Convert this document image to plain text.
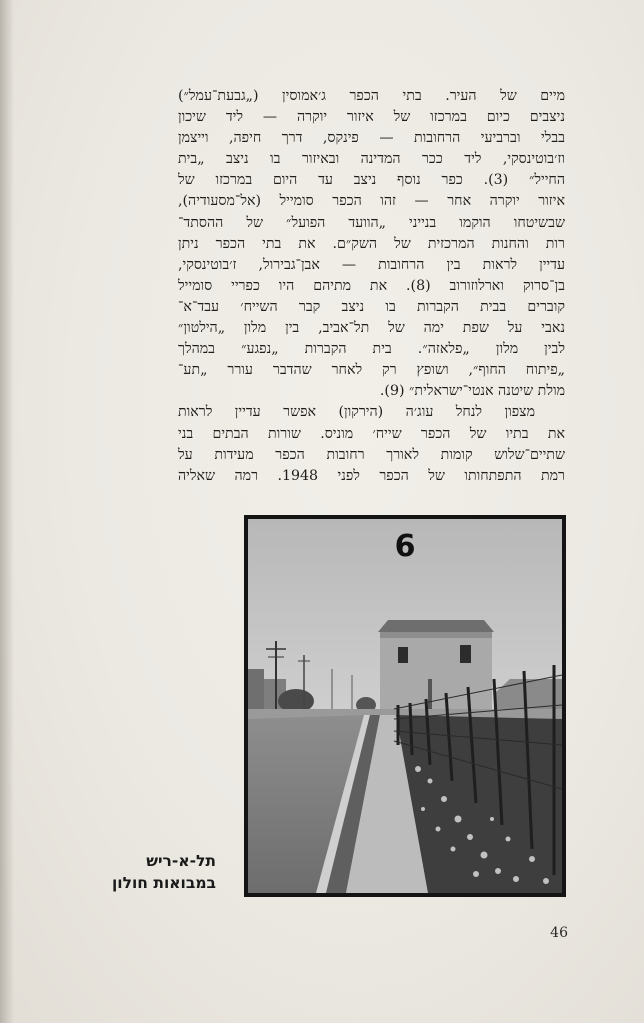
מיים של העיר. בתי הכפר ג׳אמוסין („גבעת־עמל״)
ניצבים כיום במרכזו של איזור יוקרה — ליד שיכון
בבלי וברביעי הרחובות — פינקס, דרך חיפה, וייצמן
וז׳בוטינסקי, ליד ככר המדינה ובאיזור בו ניצב „בית
החייל״ (3). כפר נוסף ניצב עד היום במרכזו של
איזור יוקרה אחר — זהו הכפר סומייל (אל־מסעודיה),
שבשיטחו הוקמו בנייני „הוועד הפועל״ של ההסתד־
רות והחנות המרכזית של השק״ם. את בתי הכפר ניתן
עדיין לראות בין הרחובות — אבן־גבירול, ז׳בוטינסקי,
בן־סרוק וארלוזורוב (8). את מתיהם היו כפריי סומייל
קוברים בבית הקברות בו ניצב קבר השייח׳ עבד־א־
נאבי על שפת ימה של תל־אביב, בין מלון „הילטון״
לבין מלון „פלאזה״. בית הקברות „נפגע״ במהלך
„פיתוח החוף״, ושופץ רק לאחר שהדבר עורר „תע־
מולת שיטנה אנטי־ישראלית״ (9).
מצפון לנחל עוג׳ה (הירקון) אפשר עדיין לראות
את בתיו של הכפר שייח׳ מוניס. שורות הבתים בני
שתיים־שלוש קומות לאורך רחובות הכפר מעידות על
רמת התפתחותו של הכפר לפני 1948. רמה שאליה
6
תל-א-ריש
במבואות חולון
46
